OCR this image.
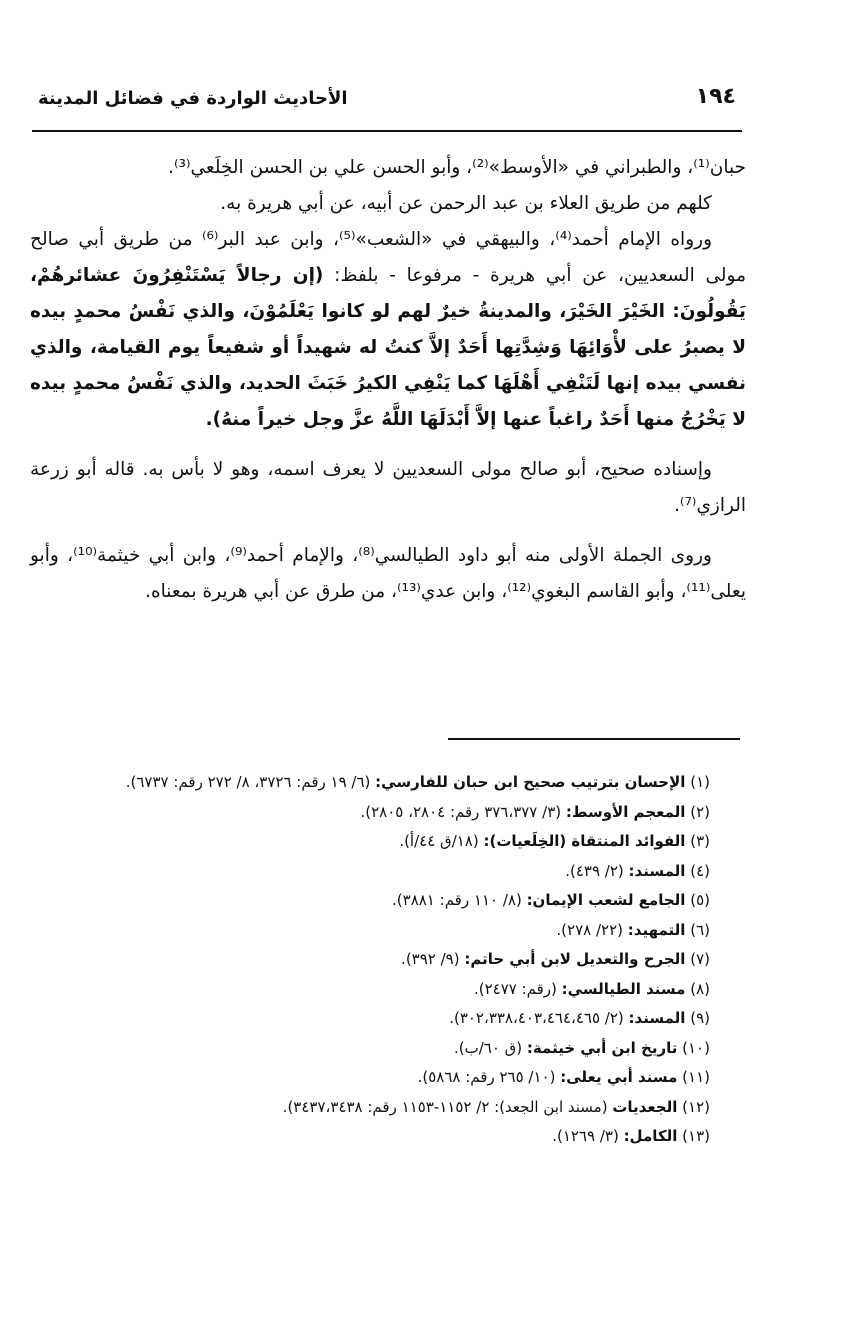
١٩٤
الأحاديث الواردة في فضائل المدينة

حبان⁽¹⁾، والطبراني في «الأوسط»⁽²⁾، وأبو الحسن علي بن الحسن الخِلَعي⁽³⁾.

كلهم من طريق العلاء بن عبد الرحمن عن أبيه، عن أبي هريرة به.

ورواه الإمام أحمد⁽⁴⁾، والبيهقي في «الشعب»⁽⁵⁾، وابن عبد البر⁽⁶⁾ من طريق أبي صالح مولى السعديين، عن أبي هريرة - مرفوعا - بلفظ: (إن رجالاً يَسْتَنْفِرُونَ عشائرهُمْ، يَقُولُونَ: الخَيْرَ الخَيْرَ، والمدينةُ خيرٌ لهم لو كانوا يَعْلَمُوْنَ، والذي نَفْسُ محمدٍ بيده لا يصبرُ على لأْوَائِهَا وَشِدَّتِها أَحَدٌ إلاَّ كنتُ له شهيداً أو شفيعاً يوم القيامة، والذي نفسي بيده إنها لَتَنْفِي أَهْلَهَا كما يَنْفِي الكيرُ خَبَثَ الحديد، والذي نَفْسُ محمدٍ بيده لا يَخْرُجُ منها أَحَدٌ راغباً عنها إلاَّ أَبْدَلَهَا اللَّهُ عزَّ وجل خيراً منهُ).

وإسناده صحيح، أبو صالح مولى السعديين لا يعرف اسمه، وهو لا بأس به. قاله أبو زرعة الرازي⁽⁷⁾.

وروى الجملة الأولى منه أبو داود الطيالسي⁽⁸⁾، والإمام أحمد⁽⁹⁾، وابن أبي خيثمة⁽¹⁰⁾، وأبو يعلى⁽¹¹⁾، وأبو القاسم البغوي⁽¹²⁾، وابن عدي⁽¹³⁾، من طرق عن أبي هريرة بمعناه.

(١) الإحسان بترتيب صحيح ابن حبان للفارسي: (٦/ ١٩ رقم: ٣٧٢٦، ٨/ ٢٧٢ رقم: ٦٧٣٧).
(٢) المعجم الأوسط: (٣/ ٣٧٦،٣٧٧ رقم: ٢٨٠٤، ٢٨٠٥).
(٣) الفوائد المنتقاة (الخِلَعيات): (١٨/ق ٤٤/أ).
(٤) المسند: (٢/ ٤٣٩).
(٥) الجامع لشعب الإيمان: (٨/ ١١٠ رقم: ٣٨٨١).
(٦) التمهيد: (٢٢/ ٢٧٨).
(٧) الجرح والتعديل لابن أبي حاتم: (٩/ ٣٩٢).
(٨) مسند الطيالسي: (رقم: ٢٤٧٧).
(٩) المسند: (٢/ ٣٠٢،٣٣٨،٤٠٣،٤٦٤،٤٦٥).
(١٠) تاريخ ابن أبي خيثمة: (ق ٦٠/ب).
(١١) مسند أبي يعلى: (١٠/ ٢٦٥ رقم: ٥٨٦٨).
(١٢) الجعديات (مسند ابن الجعد): ٢/ ١١٥٢-١١٥٣ رقم: ٣٤٣٧،٣٤٣٨).
(١٣) الكامل: (٣/ ١٢٦٩).
